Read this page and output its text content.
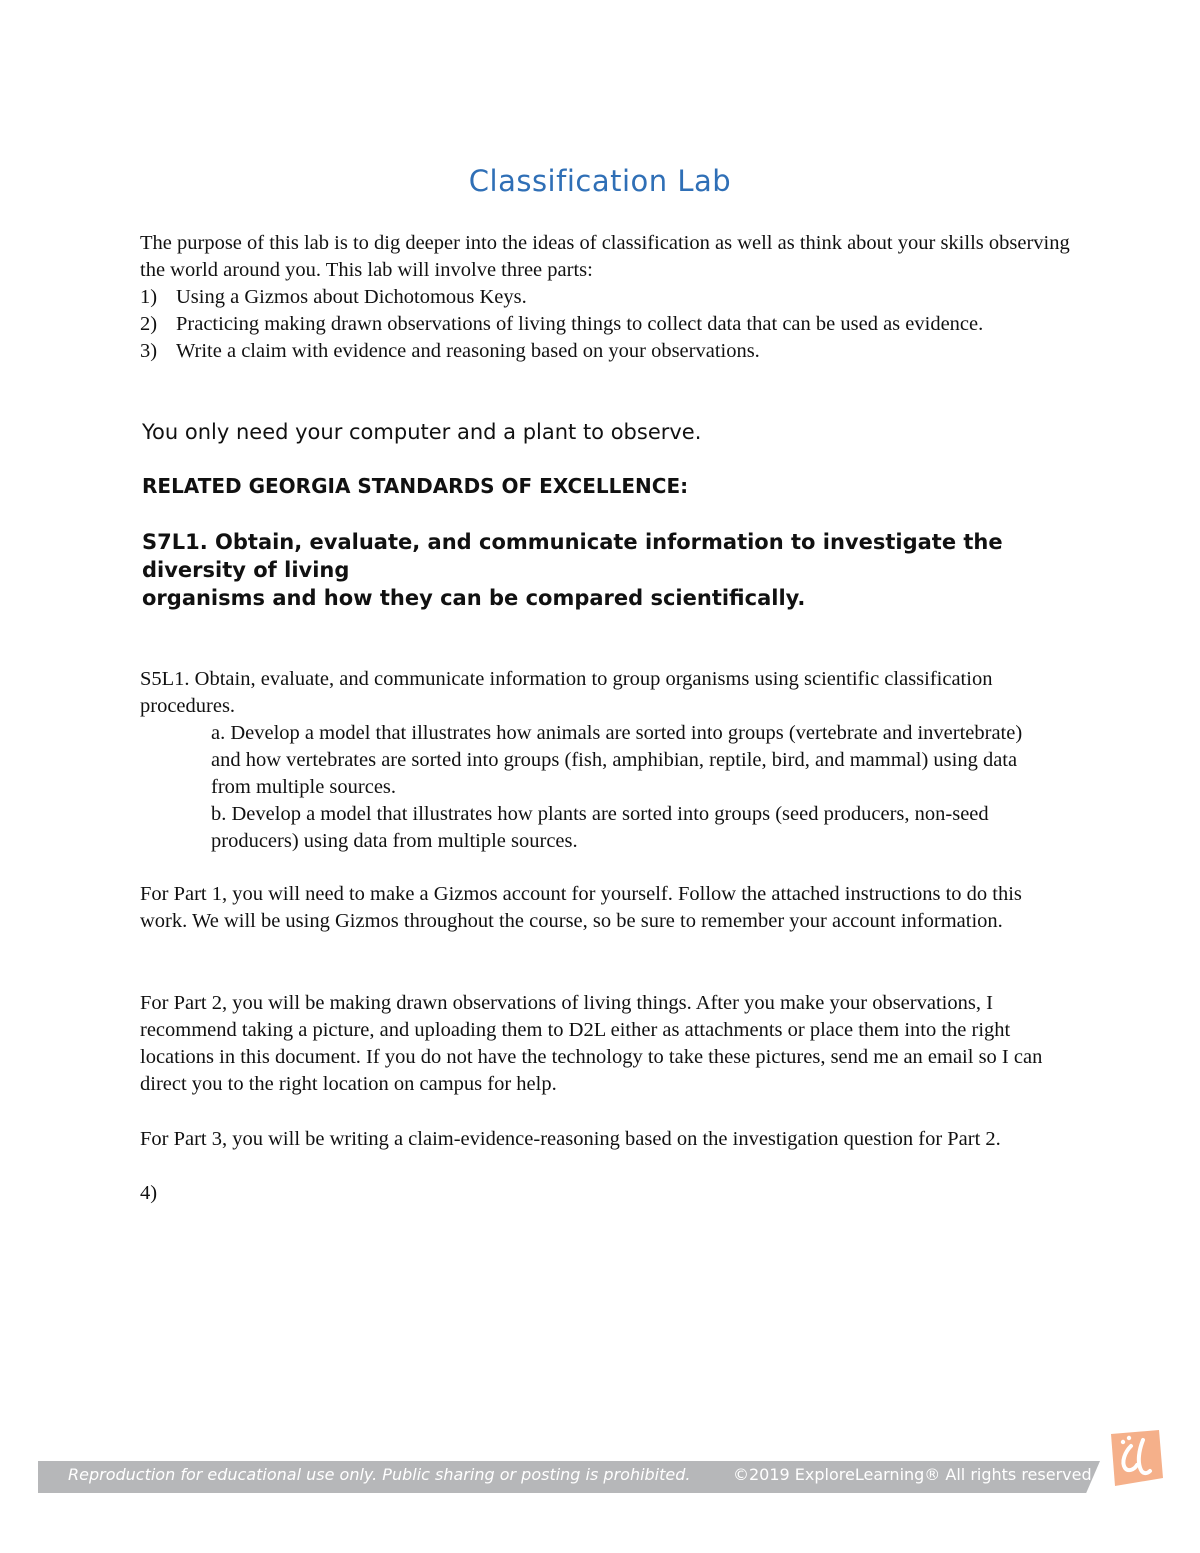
Classification Lab

The purpose of this lab is to dig deeper into the ideas of classification as well as think about your skills observing the world around you. This lab will involve three parts:

1) Using a Gizmos about Dichotomous Keys.
2) Practicing making drawn observations of living things to collect data that can be used as evidence.
3) Write a claim with evidence and reasoning based on your observations.

You only need your computer and a plant to observe.

RELATED GEORGIA STANDARDS OF EXCELLENCE:

S7L1. Obtain, evaluate, and communicate information to investigate the diversity of living
organisms and how they can be compared scientifically.

S5L1. Obtain, evaluate, and communicate information to group organisms using scientific classification procedures.

a. Develop a model that illustrates how animals are sorted into groups (vertebrate and invertebrate) and how vertebrates are sorted into groups (fish, amphibian, reptile, bird, and mammal) using data from multiple sources.
b. Develop a model that illustrates how plants are sorted into groups (seed producers, non-seed producers) using data from multiple sources.

For Part 1, you will need to make a Gizmos account for yourself. Follow the attached instructions to do this work. We will be using Gizmos throughout the course, so be sure to remember your account information.

For Part 2, you will be making drawn observations of living things. After you make your observations, I recommend taking a picture, and uploading them to D2L either as attachments or place them into the right locations in this document. If you do not have the technology to take these pictures, send me an email so I can direct you to the right location on campus for help.

For Part 3, you will be writing a claim-evidence-reasoning based on the investigation question for Part 2.

4)

Reproduction for educational use only. Public sharing or posting is prohibited.	©2019 ExploreLearning® All rights reserved
